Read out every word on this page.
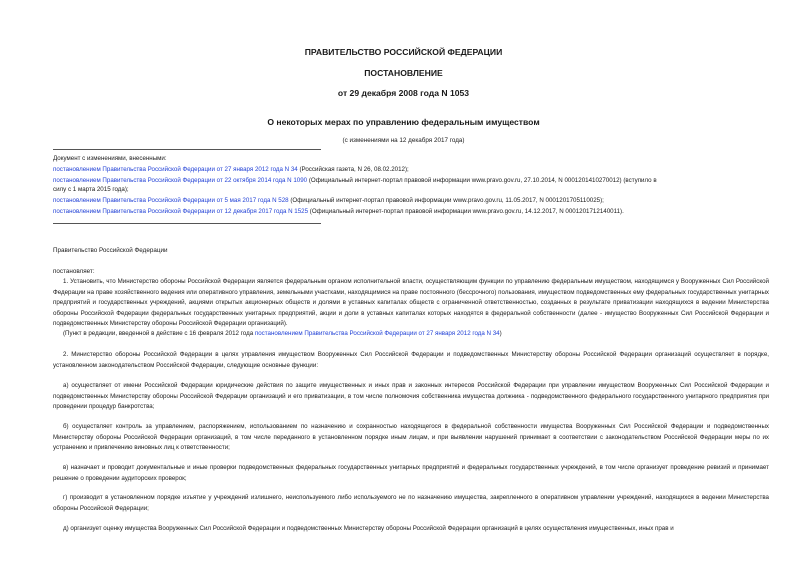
ПРАВИТЕЛЬСТВО РОССИЙСКОЙ ФЕДЕРАЦИИ
ПОСТАНОВЛЕНИЕ
от 29 декабря 2008 года N 1053
О некоторых мерах по управлению федеральным имуществом
(с изменениями на 12 декабря 2017 года)
Документ с изменениями, внесенными:
постановлением Правительства Российской Федерации от 27 января 2012 года N 34 (Российская газета, N 26, 08.02.2012);
постановлением Правительства Российской Федерации от 22 октября 2014 года N 1090 (Официальный интернет-портал правовой информации www.pravo.gov.ru, 27.10.2014, N 0001201410270012) (вступило в
силу с 1 марта 2015 года);
постановлением Правительства Российской Федерации от 5 мая 2017 года N 528 (Официальный интернет-портал правовой информации www.pravo.gov.ru, 11.05.2017, N 0001201705110025);
постановлением Правительства Российской Федерации от 12 декабря 2017 года N 1525 (Официальный интернет-портал правовой информации www.pravo.gov.ru, 14.12.2017, N 0001201712140011).
Правительство Российской Федерации
постановляет:
1. Установить, что Министерство обороны Российской Федерации является федеральным органом исполнительной власти, осуществляющим функции по управлению федеральным имуществом, находящимся у Вооруженных Сил Российской Федерации на праве хозяйственного ведения или оперативного управления, земельными участками, находящимися на праве постоянного (бессрочного) пользования, имуществом подведомственных ему федеральных государственных унитарных предприятий и государственных учреждений, акциями открытых акционерных обществ и долями в уставных капиталах обществ с ограниченной ответственностью, созданных в результате приватизации находящихся в ведении Министерства обороны Российской Федерации федеральных государственных унитарных предприятий, акции и доли в уставных капиталах которых находятся в федеральной собственности (далее - имущество Вооруженных Сил Российской Федерации и подведомственных Министерству обороны Российской Федерации организаций).
(Пункт в редакции, введенной в действие с 16 февраля 2012 года постановлением Правительства Российской Федерации от 27 января 2012 года N 34)
2. Министерство обороны Российской Федерации в целях управления имуществом Вооруженных Сил Российской Федерации и подведомственных Министерству обороны Российской Федерации организаций осуществляет в порядке, установленном законодательством Российской Федерации, следующие основные функции:
а) осуществляет от имени Российской Федерации юридические действия по защите имущественных и иных прав и законных интересов Российской Федерации при управлении имуществом Вооруженных Сил Российской Федерации и подведомственных Министерству обороны Российской Федерации организаций и его приватизации, в том числе полномочия собственника имущества должника - подведомственного федерального государственного унитарного предприятия при проведении процедур банкротства;
б) осуществляет контроль за управлением, распоряжением, использованием по назначению и сохранностью находящегося в федеральной собственности имущества Вооруженных Сил Российской Федерации и подведомственных Министерству обороны Российской Федерации организаций, в том числе переданного в установленном порядке иным лицам, и при выявлении нарушений принимает в соответствии с законодательством Российской Федерации меры по их устранению и привлечению виновных лиц к ответственности;
в) назначает и проводит документальные и иные проверки подведомственных федеральных государственных унитарных предприятий и федеральных государственных учреждений, в том числе организует проведение ревизий и принимает решение о проведении аудиторских проверок;
г) производит в установленном порядке изъятие у учреждений излишнего, неиспользуемого либо используемого не по назначению имущества, закрепленного в оперативном управлении учреждений, находящихся в ведении Министерства обороны Российской Федерации;
д) организует оценку имущества Вооруженных Сил Российской Федерации и подведомственных Министерству обороны Российской Федерации организаций в целях осуществления имущественных, иных прав и
